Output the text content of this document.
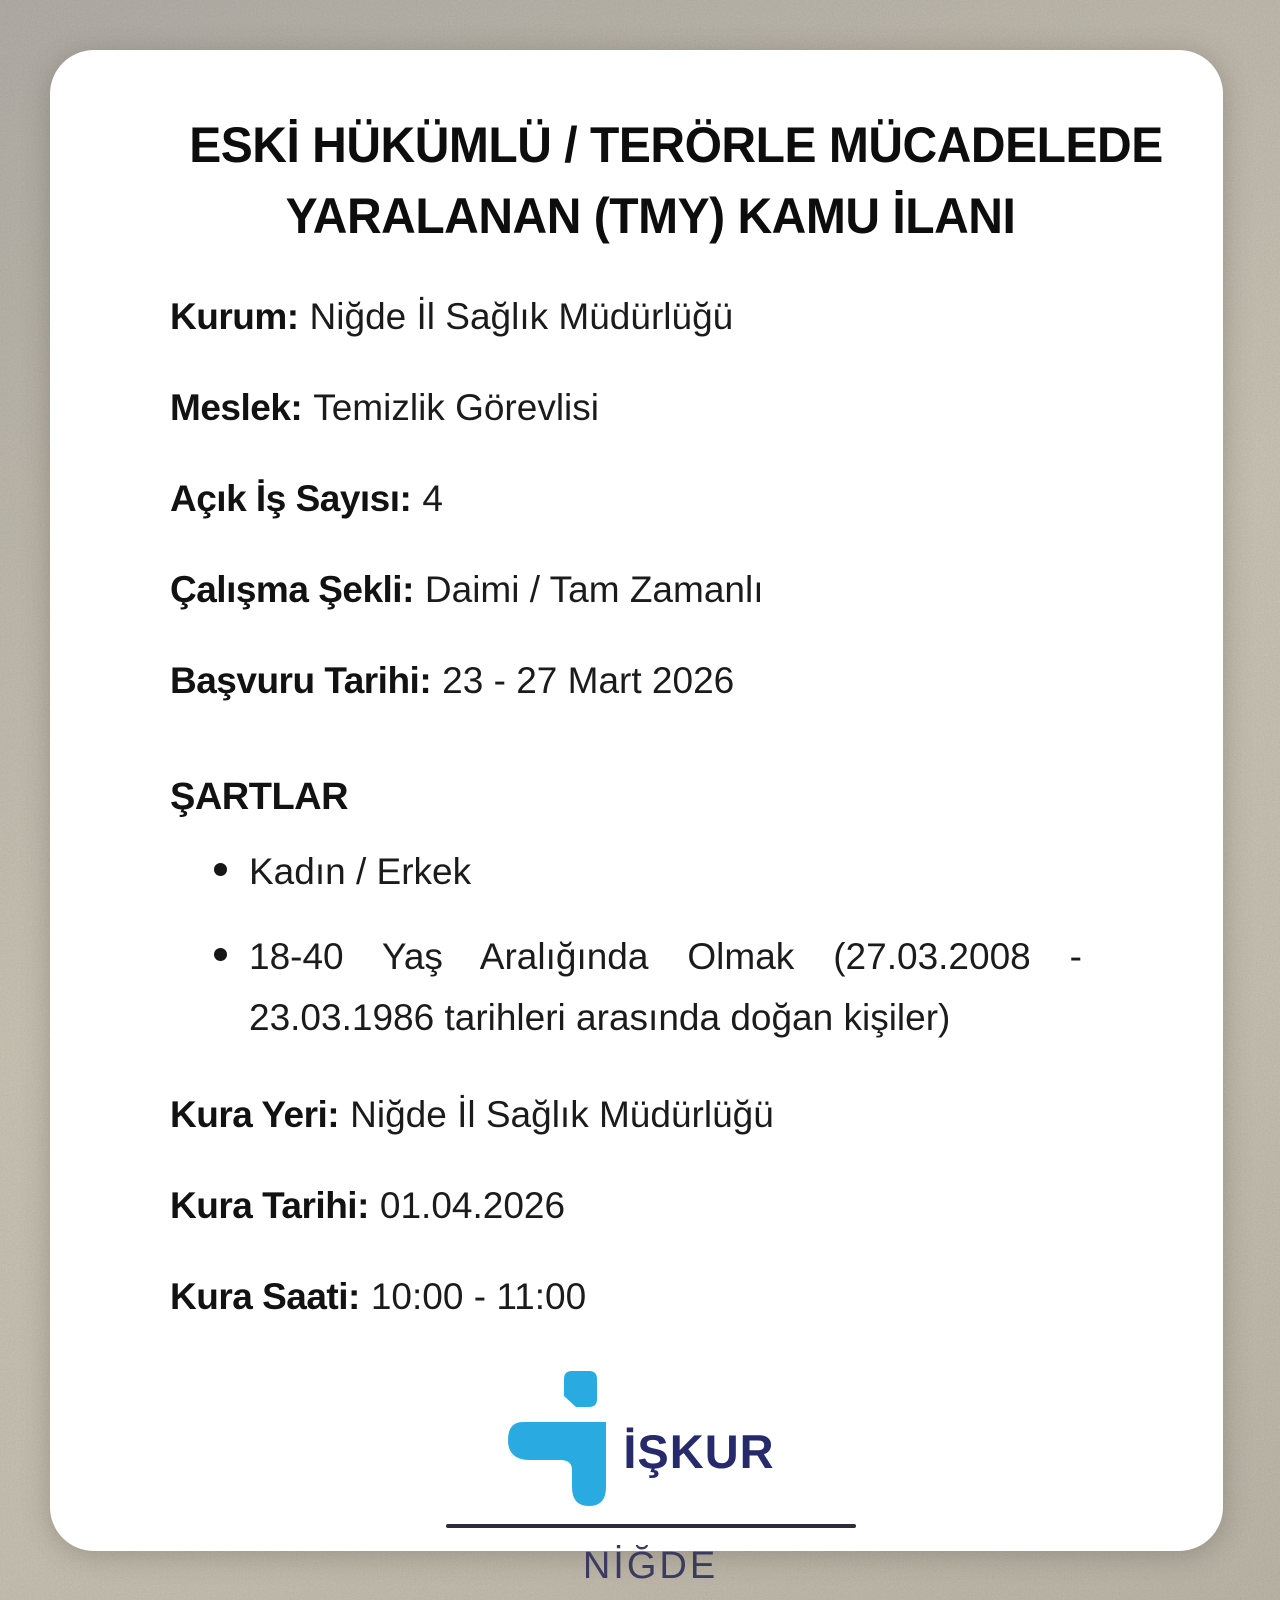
ESKİ HÜKÜMLÜ / TERÖRLE MÜCADELEDE
YARALANAN (TMY) KAMU İLANI
Kurum: Niğde İl Sağlık Müdürlüğü
Meslek: Temizlik Görevlisi
Açık İş Sayısı: 4
Çalışma Şekli: Daimi / Tam Zamanlı
Başvuru Tarihi: 23 - 27 Mart 2026
ŞARTLAR
Kadın / Erkek
18-40 Yaş Aralığında Olmak (27.03.2008 - 23.03.1986 tarihleri arasında doğan kişiler)
Kura Yeri: Niğde İl Sağlık Müdürlüğü
Kura Tarihi: 01.04.2026
Kura Saati: 10:00 - 11:00
İŞKUR
NİĞDE
